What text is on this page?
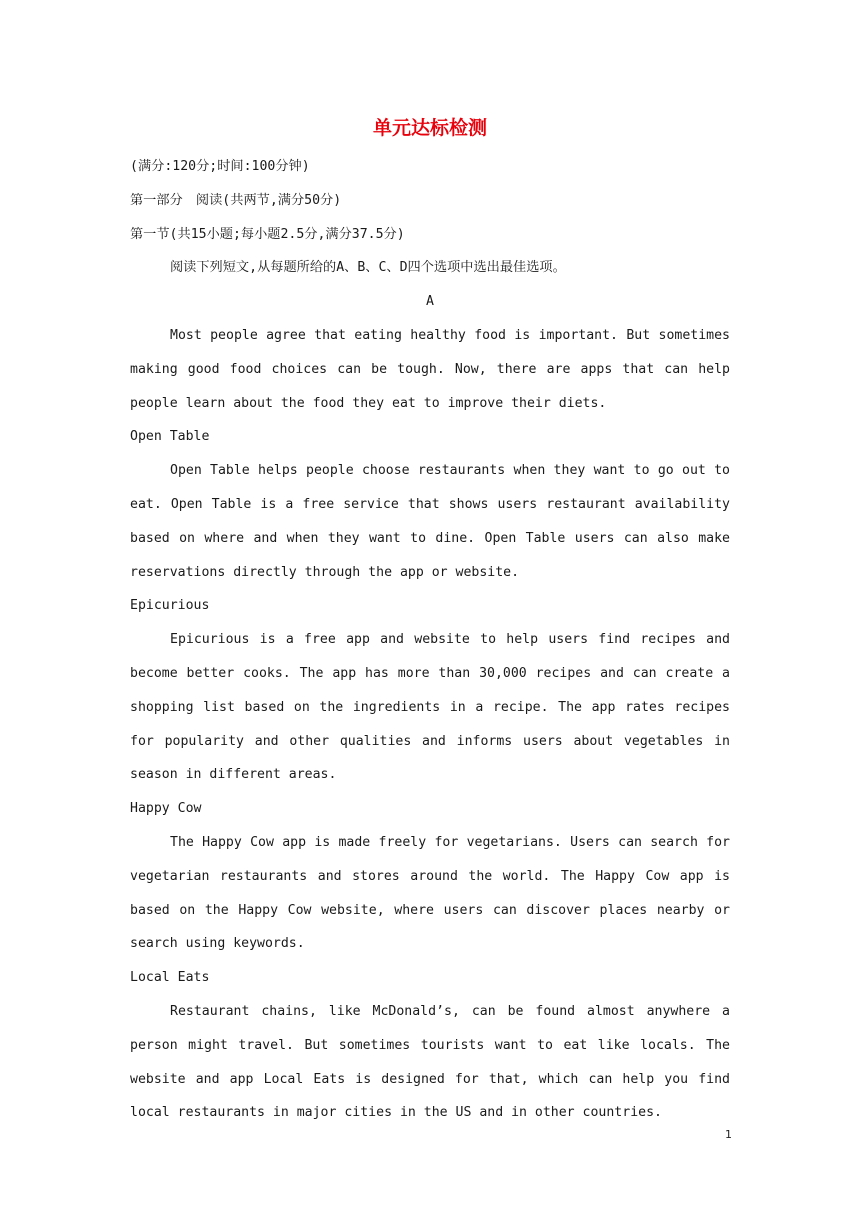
单元达标检测

(满分:120分;时间:100分钟)

第一部分　阅读(共两节,满分50分)

第一节(共15小题;每小题2.5分,满分37.5分)

阅读下列短文,从每题所给的A、B、C、D四个选项中选出最佳选项。

A

Most people agree that eating healthy food is important. But sometimes making good food choices can be tough. Now, there are apps that can help people learn about the food they eat to improve their diets.

Open Table

Open Table helps people choose restaurants when they want to go out to eat. Open Table is a free service that shows users restaurant availability based on where and when they want to dine. Open Table users can also make reservations directly through the app or website.

Epicurious

Epicurious is a free app and website to help users find recipes and become better cooks. The app has more than 30,000 recipes and can create a shopping list based on the ingredients in a recipe. The app rates recipes for popularity and other qualities and informs users about vegetables in season in different areas.

Happy Cow

The Happy Cow app is made freely for vegetarians. Users can search for vegetarian restaurants and stores around the world. The Happy Cow app is based on the Happy Cow website, where users can discover places nearby or search using keywords.

Local Eats

Restaurant chains, like McDonald’s, can be found almost anywhere a person might travel. But sometimes tourists want to eat like locals. The website and app Local Eats is designed for that, which can help you find local restaurants in major cities in the US and in other countries.

1
